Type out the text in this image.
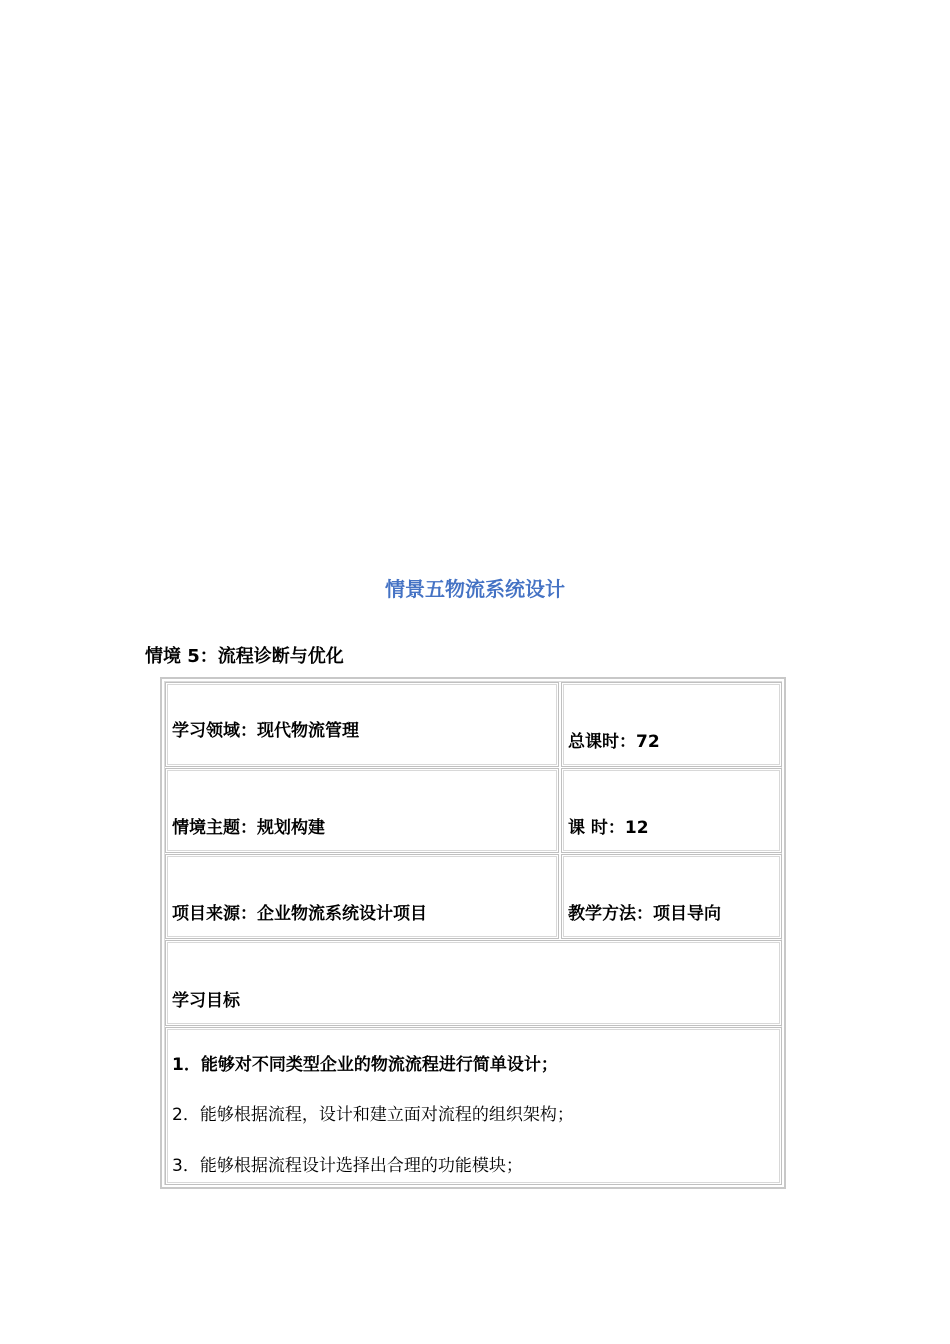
情景五物流系统设计
情境 5：流程诊断与优化
学习领域：现代物流管理
总课时：72
情境主题：规划构建	课 时：12
项目来源：企业物流系统设计项目	教学方法：项目导向
学习目标
1．能够对不同类型企业的物流流程进行简单设计；
2．能够根据流程，设计和建立面对流程的组织架构；
3．能够根据流程设计选择出合理的功能模块；
